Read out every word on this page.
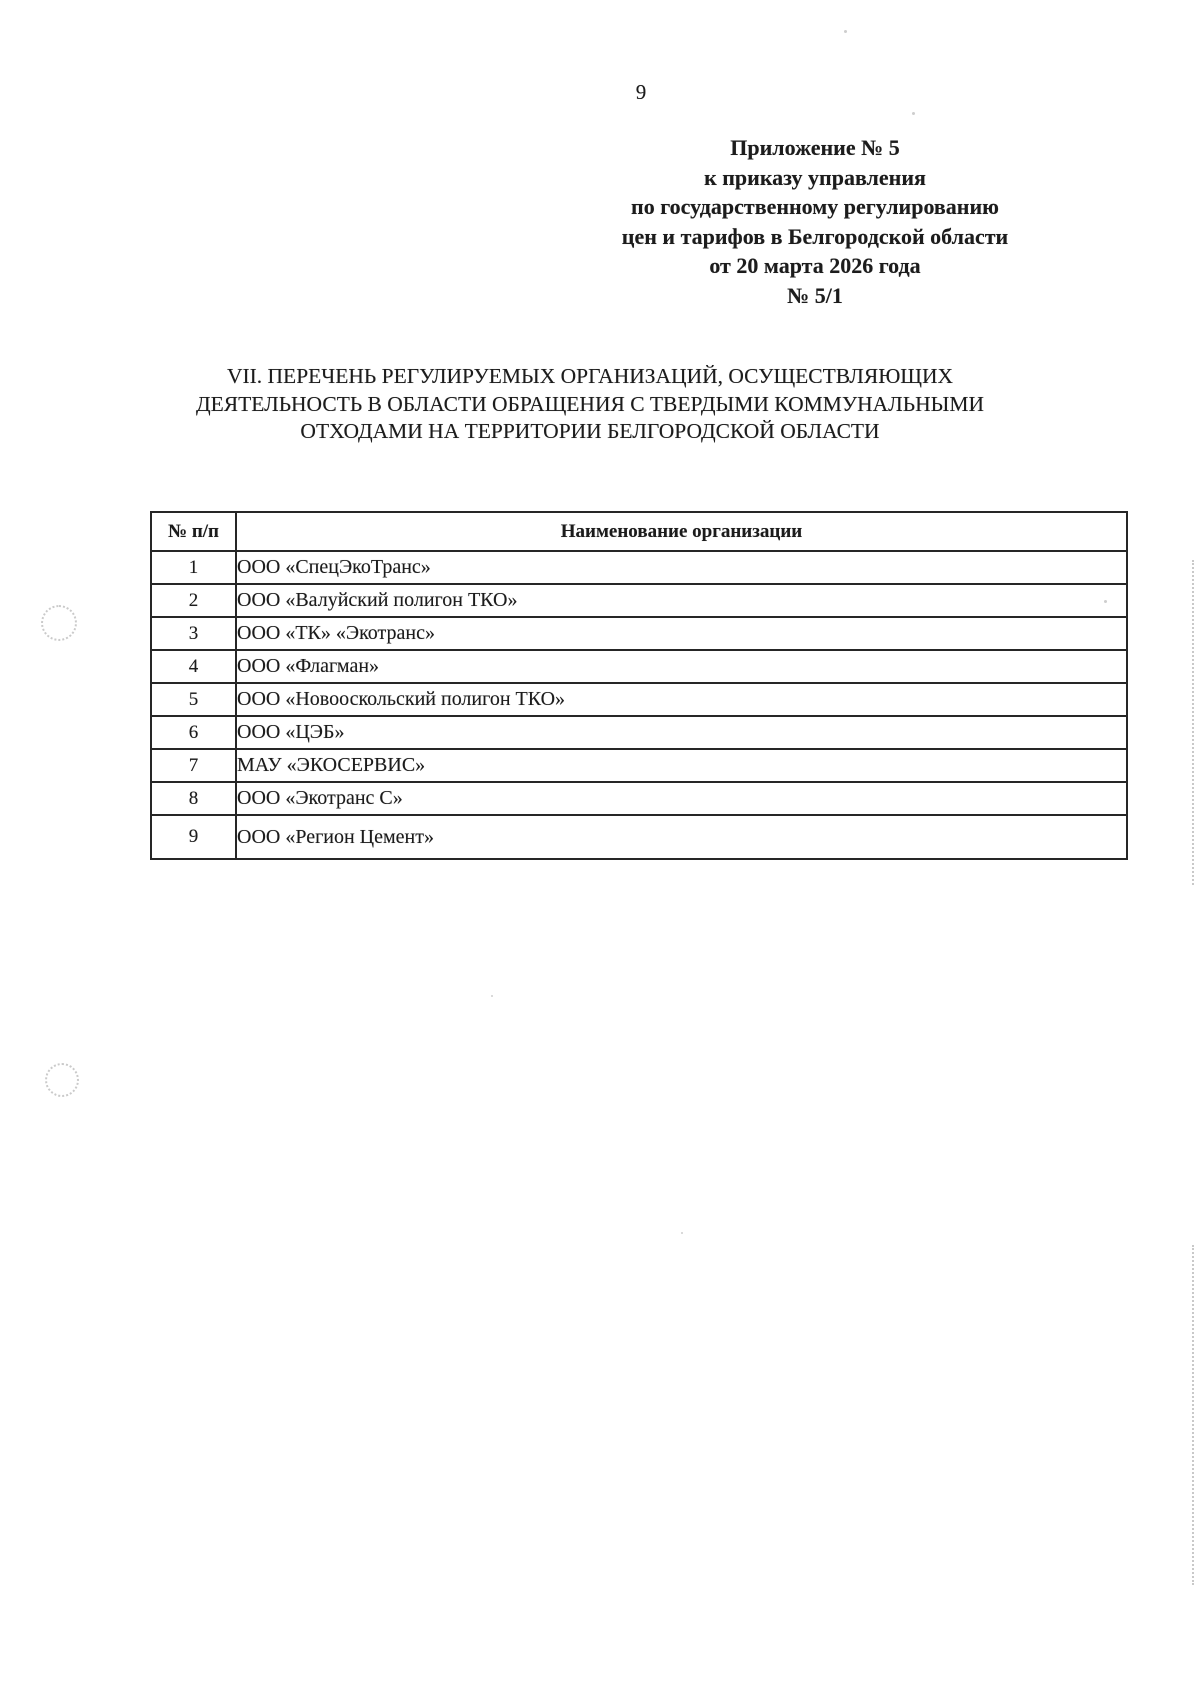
9
Приложение № 5
к приказу управления
по государственному регулированию
цен и тарифов в Белгородской области
от 20 марта 2026 года
№ 5/1
VII. ПЕРЕЧЕНЬ РЕГУЛИРУЕМЫХ ОРГАНИЗАЦИЙ, ОСУЩЕСТВЛЯЮЩИХ
ДЕЯТЕЛЬНОСТЬ В ОБЛАСТИ ОБРАЩЕНИЯ С ТВЕРДЫМИ КОММУНАЛЬНЫМИ
ОТХОДАМИ НА ТЕРРИТОРИИ БЕЛГОРОДСКОЙ ОБЛАСТИ
№ п/п	Наименование организации
1	ООО «СпецЭкоТранс»
2	ООО «Валуйский полигон ТКО»
3	ООО «ТК» «Экотранс»
4	ООО «Флагман»
5	ООО «Новооскольский полигон ТКО»
6	ООО «ЦЭБ»
7	МАУ «ЭКОСЕРВИС»
8	ООО «Экотранс С»
9	ООО «Регион Цемент»
